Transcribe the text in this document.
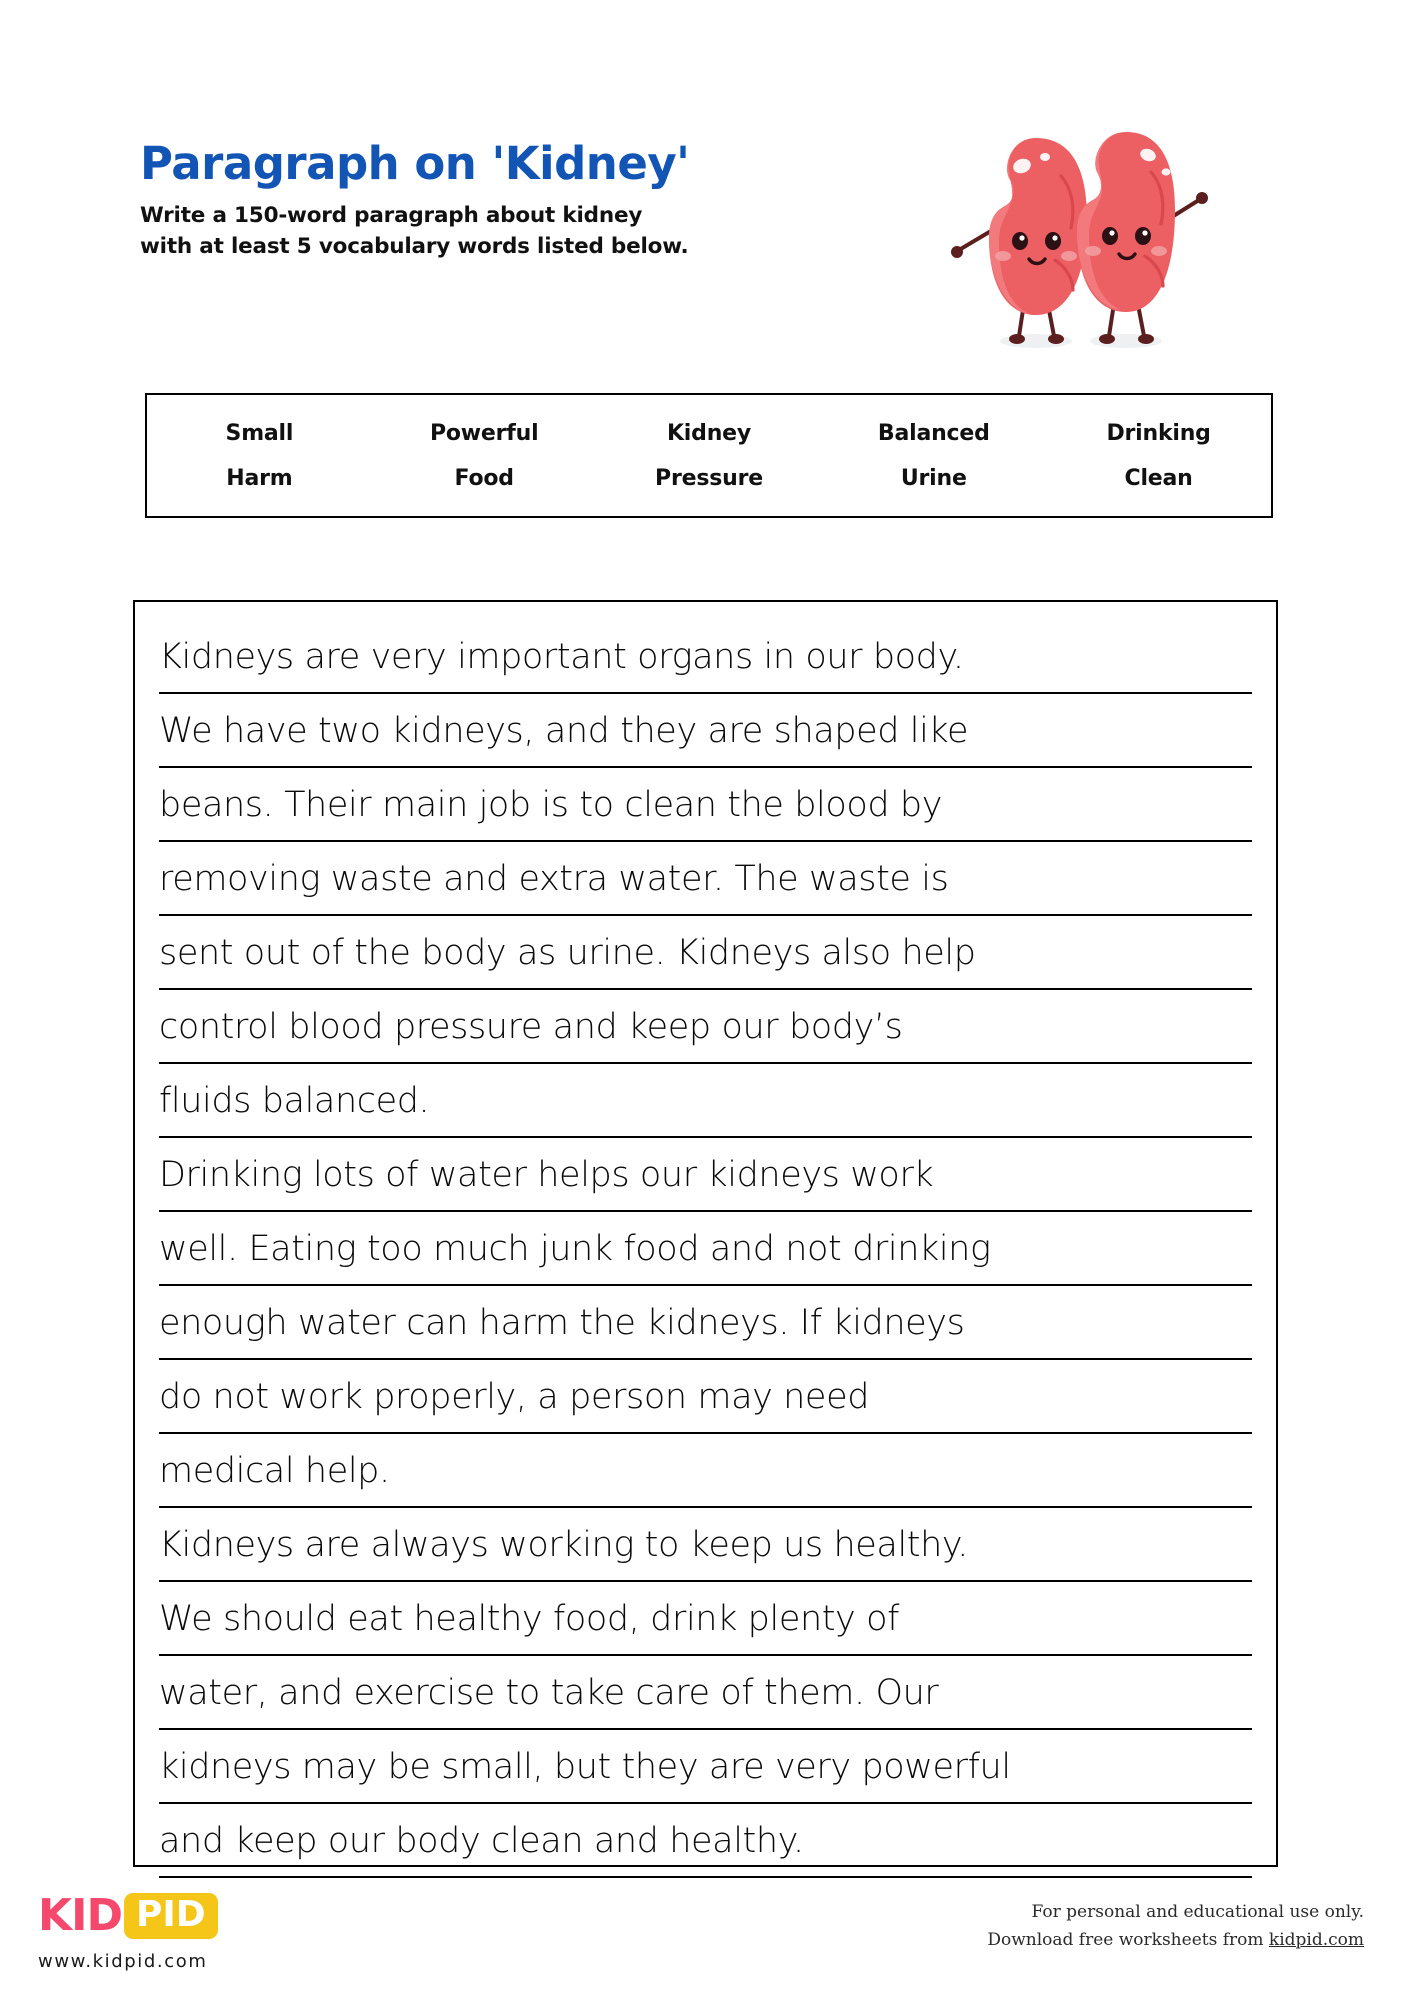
Paragraph on 'Kidney'

Write a 150-word paragraph about kidney
with at least 5 vocabulary words listed below.

Small	Powerful	Kidney	Balanced	Drinking
Harm	Food	Pressure	Urine	Clean
Kidneys are very important organs in our body.
We have two kidneys, and they are shaped like
beans. Their main job is to clean the blood by
removing waste and extra water. The waste is
sent out of the body as urine. Kidneys also help
control blood pressure and keep our body’s
fluids balanced.
Drinking lots of water helps our kidneys work
well. Eating too much junk food and not drinking
enough water can harm the kidneys. If kidneys
do not work properly, a person may need
medical help.
Kidneys are always working to keep us healthy.
We should eat healthy food, drink plenty of
water, and exercise to take care of them. Our
kidneys may be small, but they are very powerful
and keep our body clean and healthy.
KID PID
www.kidpid.com
For personal and educational use only.
Download free worksheets from kidpid.com
